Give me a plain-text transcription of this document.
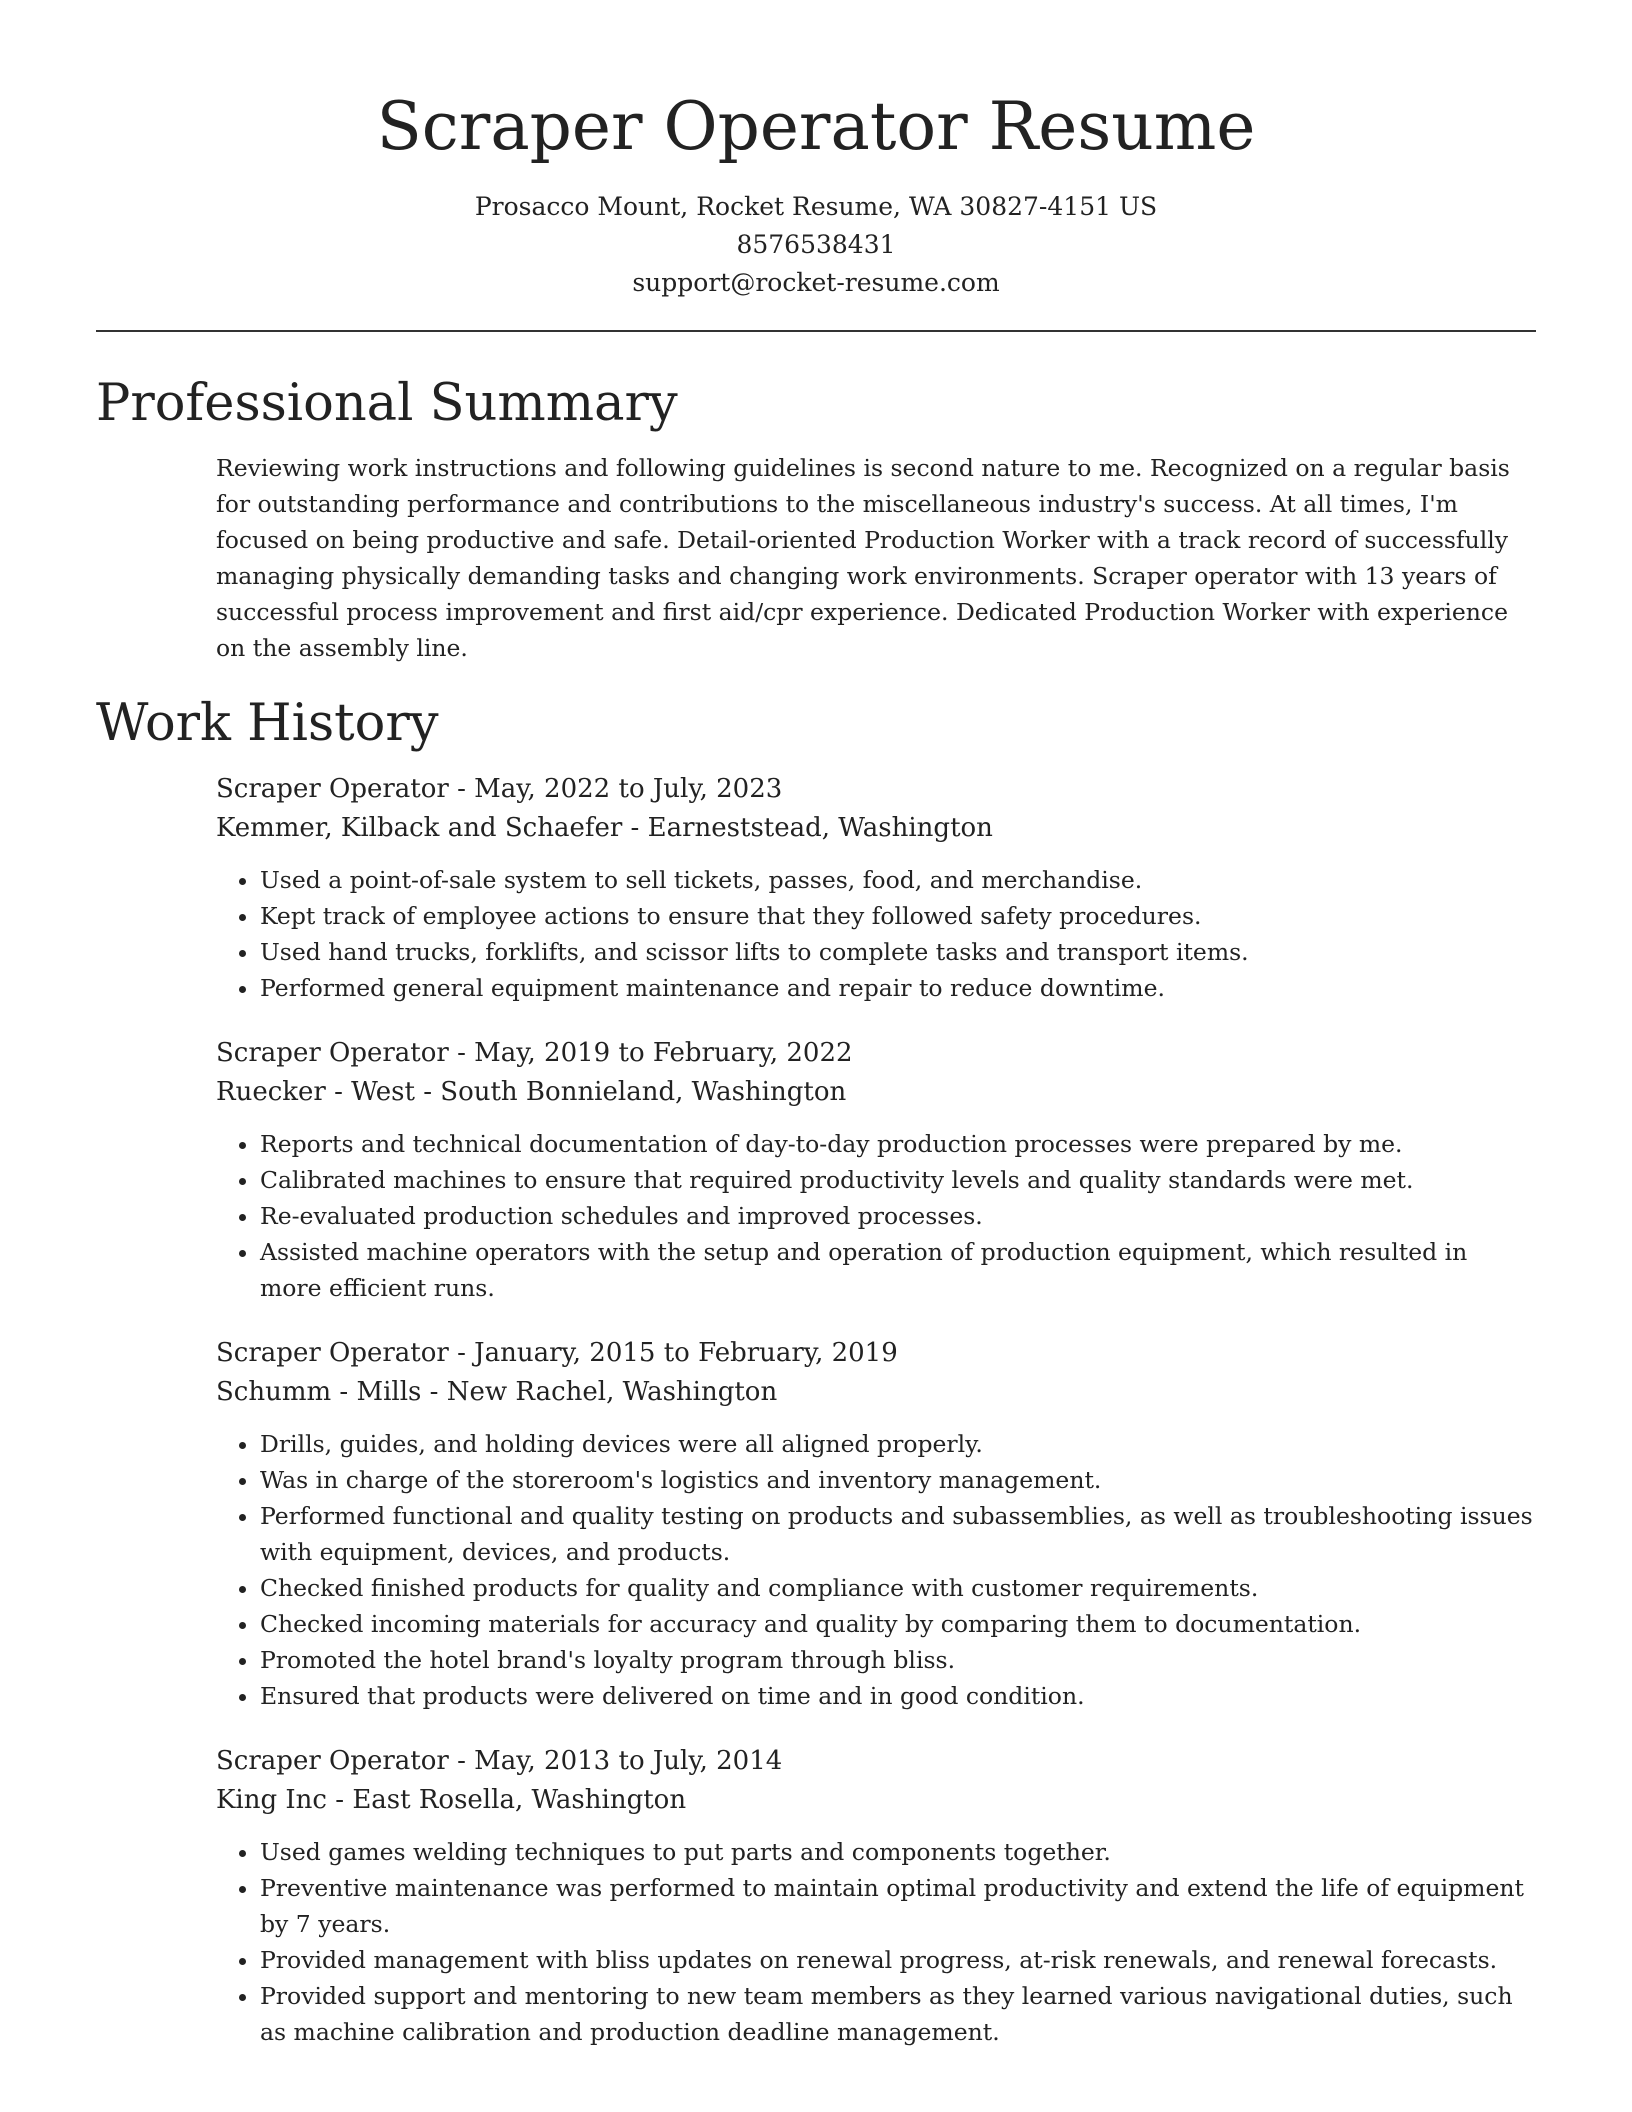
Scraper Operator Resume
Prosacco Mount, Rocket Resume, WA 30827-4151 US
8576538431
support@rocket-resume.com
Professional Summary

Reviewing work instructions and following guidelines is second nature to me. Recognized on a regular basis for outstanding performance and contributions to the miscellaneous industry's success. At all times, I'm focused on being productive and safe. Detail-oriented Production Worker with a track record of successfully managing physically demanding tasks and changing work environments. Scraper operator with 13 years of successful process improvement and first aid/cpr experience. Dedicated Production Worker with experience on the assembly line.

Work History
Scraper Operator - May, 2022 to July, 2023
Kemmer, Kilback and Schaefer - Earneststead, Washington
• Used a point-of-sale system to sell tickets, passes, food, and merchandise.
• Kept track of employee actions to ensure that they followed safety procedures.
• Used hand trucks, forklifts, and scissor lifts to complete tasks and transport items.
• Performed general equipment maintenance and repair to reduce downtime.
Scraper Operator - May, 2019 to February, 2022
Ruecker - West - South Bonnieland, Washington
• Reports and technical documentation of day-to-day production processes were prepared by me.
• Calibrated machines to ensure that required productivity levels and quality standards were met.
• Re-evaluated production schedules and improved processes.
• Assisted machine operators with the setup and operation of production equipment, which resulted in more efficient runs.
Scraper Operator - January, 2015 to February, 2019
Schumm - Mills - New Rachel, Washington
• Drills, guides, and holding devices were all aligned properly.
• Was in charge of the storeroom's logistics and inventory management.
• Performed functional and quality testing on products and subassemblies, as well as troubleshooting issues with equipment, devices, and products.
• Checked finished products for quality and compliance with customer requirements.
• Checked incoming materials for accuracy and quality by comparing them to documentation.
• Promoted the hotel brand's loyalty program through bliss.
• Ensured that products were delivered on time and in good condition.
Scraper Operator - May, 2013 to July, 2014
King Inc - East Rosella, Washington
• Used games welding techniques to put parts and components together.
• Preventive maintenance was performed to maintain optimal productivity and extend the life of equipment by 7 years.
• Provided management with bliss updates on renewal progress, at-risk renewals, and renewal forecasts.
• Provided support and mentoring to new team members as they learned various navigational duties, such as machine calibration and production deadline management.
